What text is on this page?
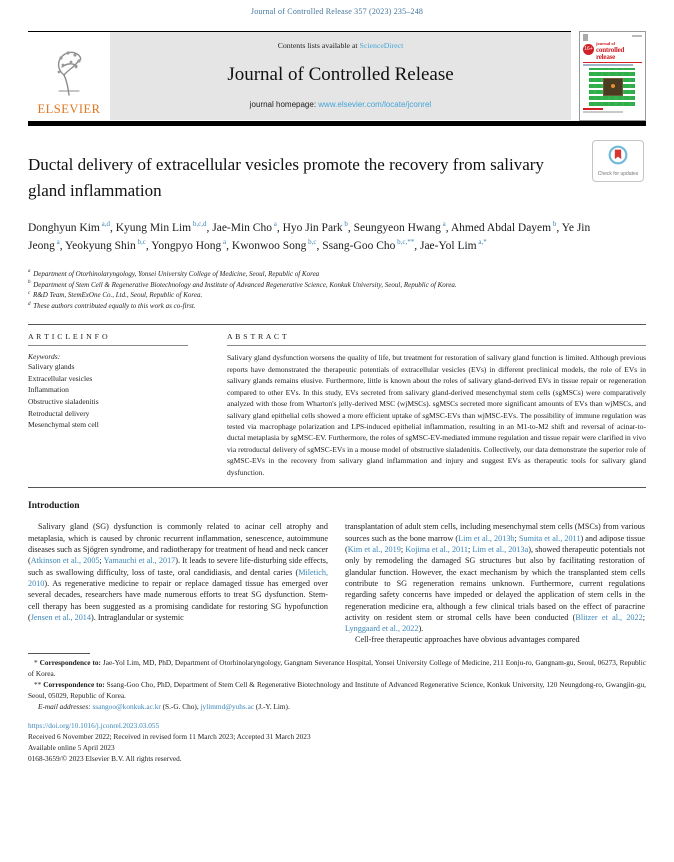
Journal of Controlled Release 357 (2023) 235–248
ELSEVIER
Contents lists available at ScienceDirect
Journal of Controlled Release
journal homepage: www.elsevier.com/locate/jconrel
16+
journal of
controlled
release
Ductal delivery of extracellular vesicles promote the recovery from salivary gland inflammation
Check for updates
Donghyun Kim $^{a,d}$, Kyung Min Lim $^{b,c,d}$, Jae-Min Cho $^a$, Hyo Jin Park $^b$, Seungyeon Hwang $^a$, Ahmed Abdal Dayem $^b$, Ye Jin Jeong $^a$, Yeokyung Shin $^{b,c}$, Yongpyo Hong $^a$, Kwonwoo Song $^{b,c}$, Ssang-Goo Cho $^{b,c,**}$, Jae-Yol Lim $^{a,*}$
$^a$ Department of Otorhinolaryngology, Yonsei University College of Medicine, Seoul, Republic of Korea
$^b$ Department of Stem Cell & Regenerative Biotechnology and Institute of Advanced Regenerative Science, Konkuk University, Seoul, Republic of Korea.
$^c$ R&D Team, StemExOne Co., Ltd., Seoul, Republic of Korea.
$^d$ These authors contributed equally to this work as co-first.
A R T I C L E I N F O
Keywords:
Salivary glands
Extracellular vesicles
Inflammation
Obstructive sialadenitis
Retroductal delivery
Mesenchymal stem cell
A B S T R A C T
Salivary gland dysfunction worsens the quality of life, but treatment for restoration of salivary gland function is limited. Although previous reports have demonstrated the therapeutic potentials of extracellular vesicles (EVs) in different preclinical models, the role of EVs in salivary glands remains elusive. Furthermore, little is known about the roles of salivary gland-derived EVs in tissue repair or regeneration compared to other EVs. In this study, EVs secreted from salivary gland-derived mesenchymal stem cells (sgMSCs) were comparatively analyzed with those from Wharton's jelly-derived MSC (wjMSCs). sgMSCs secreted more significant amounts of EVs than wjMSCs, and salivary gland epithelial cells showed a more efficient uptake of sgMSC-EVs than wjMSC-EVs. The possibility of immune regulation was tested via macrophage polarization and LPS-induced epithelial inflammation, resulting in an M1-to-M2 shift and reversal of acinar-to-ductal metaplasia by sgMSC-EV. Furthermore, the roles of sgMSC-EV-mediated immune regulation and tissue repair were clarified in vivo via retroductal delivery of sgMSC-EVs in a mouse model of obstructive sialadenitis. Collectively, our data demonstrate the superior role of sgMSC-EVs in the recovery from salivary gland inflammation and injury and suggest EVs as therapeutic tools for salivary gland dysfunction.
Introduction

Salivary gland (SG) dysfunction is commonly related to acinar cell atrophy and metaplasia, which is caused by chronic recurrent inflammation, senescence, autoimmune diseases such as Sjögren syndrome, and radiotherapy for treatment of head and neck cancer (Atkinson et al., 2005; Yamauchi et al., 2017). It leads to severe life-disturbing side effects, such as swallowing difficulty, loss of taste, oral candidiasis, and dental caries (Miletich, 2010). As regenerative medicine to repair or replace damaged tissue has emerged over several decades, researchers have made numerous efforts to treat SG dysfunction. Stem-cell therapy has been suggested as a promising candidate for restoring SG hypofunction (Jensen et al., 2014). Intraglandular or systemic

transplantation of adult stem cells, including mesenchymal stem cells (MSCs) from various sources such as the bone marrow (Lim et al., 2013b; Sumita et al., 2011) and adipose tissue (Kim et al., 2019; Kojima et al., 2011; Lim et al., 2013a), showed therapeutic potentials not only by remodeling the damaged SG structures but also by facilitating restoration of glandular function. However, the exact mechanism by which the transplanted stem cells contribute to SG regeneration remains unknown. Furthermore, current regulations regarding safety concerns have impeded or delayed the application of stem cells in the regeneration medicine era, although a few clinical trials based on the effect of paracrine activity on resident stem or stromal cells have been conducted (Blitzer et al., 2022; Lynggaard et al., 2022).

Cell-free therapeutic approaches have obvious advantages compared

* Correspondence to: Jae-Yol Lim, MD, PhD, Department of Otorhinolaryngology, Gangnam Severance Hospital, Yonsei University College of Medicine, 211 Eonju-ro, Gangnam-gu, Seoul, 06273, Republic of Korea.

** Correspondence to: Ssang-Goo Cho, PhD, Department of Stem Cell & Regenerative Biotechnology and Institute of Advanced Regenerative Science, Konkuk University, 120 Neungdong-ro, Gwangjin-gu, Seoul, 05029, Republic of Korea.

E-mail addresses: ssangoo@konkuk.ac.kr (S.-G. Cho), jylimmd@yuhs.ac (J.-Y. Lim).

https://doi.org/10.1016/j.jconrel.2023.03.055
Received 6 November 2022; Received in revised form 11 March 2023; Accepted 31 March 2023
Available online 5 April 2023
0168-3659/© 2023 Elsevier B.V. All rights reserved.
